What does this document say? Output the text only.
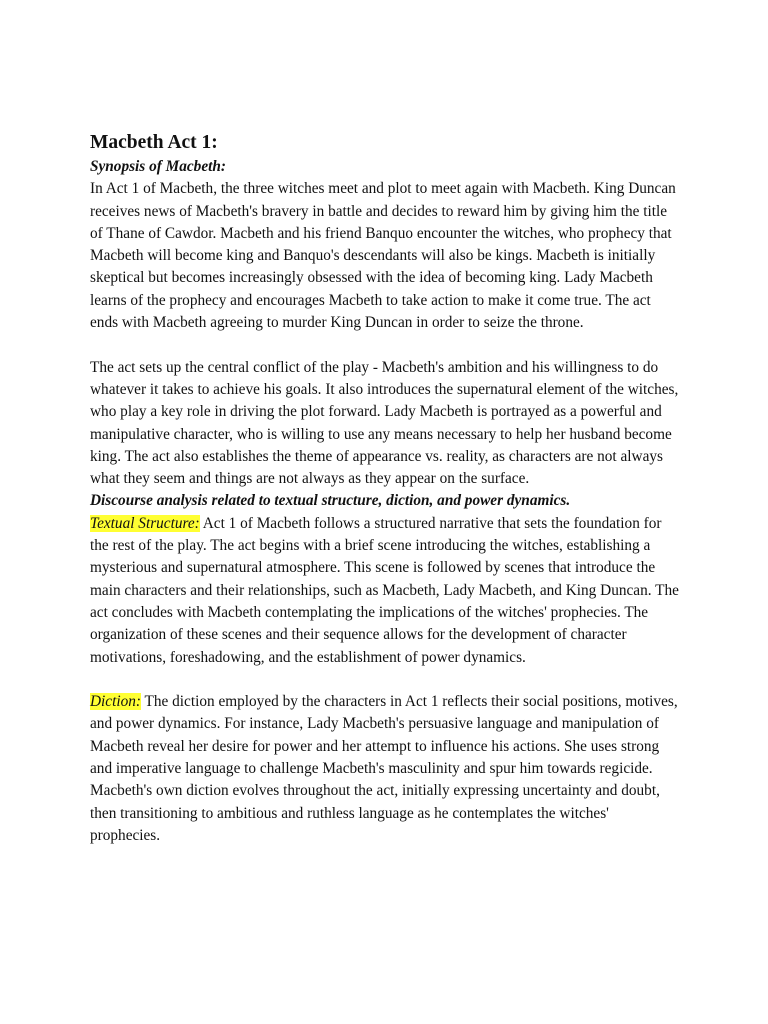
Macbeth Act 1:

Synopsis of Macbeth:

In Act 1 of Macbeth, the three witches meet and plot to meet again with Macbeth. King Duncan receives news of Macbeth's bravery in battle and decides to reward him by giving him the title of Thane of Cawdor. Macbeth and his friend Banquo encounter the witches, who prophecy that Macbeth will become king and Banquo's descendants will also be kings. Macbeth is initially skeptical but becomes increasingly obsessed with the idea of becoming king. Lady Macbeth learns of the prophecy and encourages Macbeth to take action to make it come true. The act ends with Macbeth agreeing to murder King Duncan in order to seize the throne.

The act sets up the central conflict of the play - Macbeth's ambition and his willingness to do whatever it takes to achieve his goals. It also introduces the supernatural element of the witches, who play a key role in driving the plot forward. Lady Macbeth is portrayed as a powerful and manipulative character, who is willing to use any means necessary to help her husband become king. The act also establishes the theme of appearance vs. reality, as characters are not always what they seem and things are not always as they appear on the surface.

Discourse analysis related to textual structure, diction, and power dynamics.

Textual Structure: Act 1 of Macbeth follows a structured narrative that sets the foundation for the rest of the play. The act begins with a brief scene introducing the witches, establishing a mysterious and supernatural atmosphere. This scene is followed by scenes that introduce the main characters and their relationships, such as Macbeth, Lady Macbeth, and King Duncan. The act concludes with Macbeth contemplating the implications of the witches' prophecies. The organization of these scenes and their sequence allows for the development of character motivations, foreshadowing, and the establishment of power dynamics.

Diction: The diction employed by the characters in Act 1 reflects their social positions, motives, and power dynamics. For instance, Lady Macbeth's persuasive language and manipulation of Macbeth reveal her desire for power and her attempt to influence his actions. She uses strong and imperative language to challenge Macbeth's masculinity and spur him towards regicide. Macbeth's own diction evolves throughout the act, initially expressing uncertainty and doubt, then transitioning to ambitious and ruthless language as he contemplates the witches' prophecies.
